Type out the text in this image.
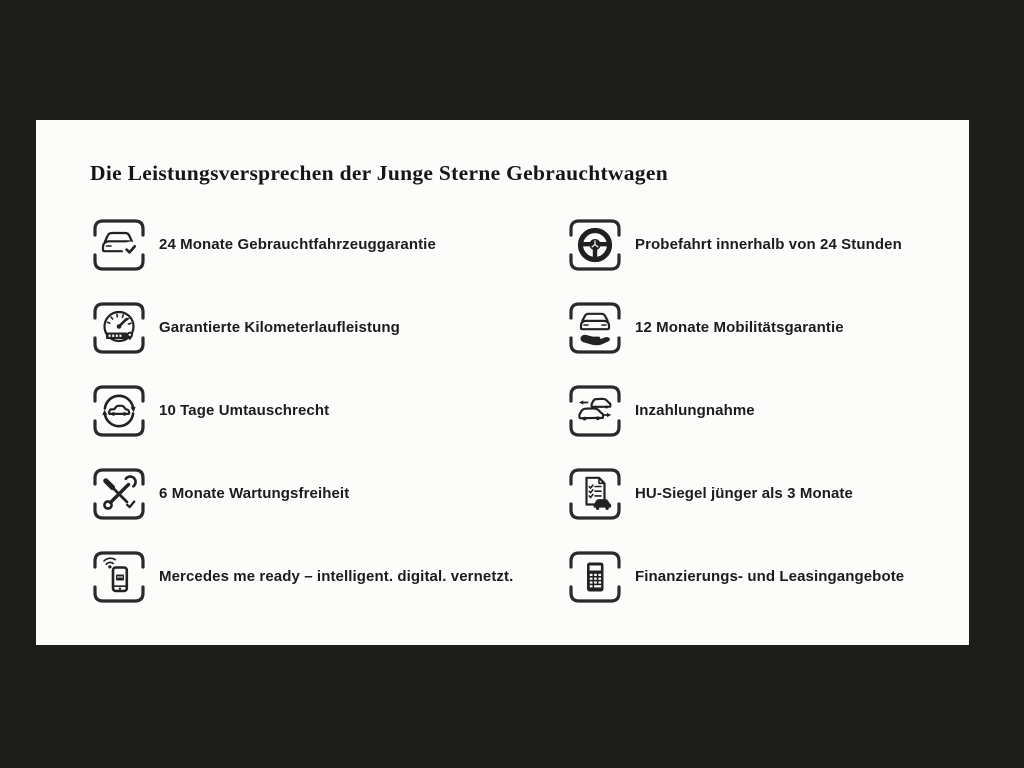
Die Leistungsversprechen der Junge Sterne Gebrauchtwagen
24 Monate Gebrauchtfahrzeuggarantie
Garantierte Kilometerlaufleistung
10 Tage Umtauschrecht
6 Monate Wartungsfreiheit
Mercedes me ready – intelligent. digital. vernetzt.
Probefahrt innerhalb von 24 Stunden
12 Monate Mobilitätsgarantie
Inzahlungnahme
HU-Siegel jünger als 3 Monate
Finanzierungs- und Leasingangebote
